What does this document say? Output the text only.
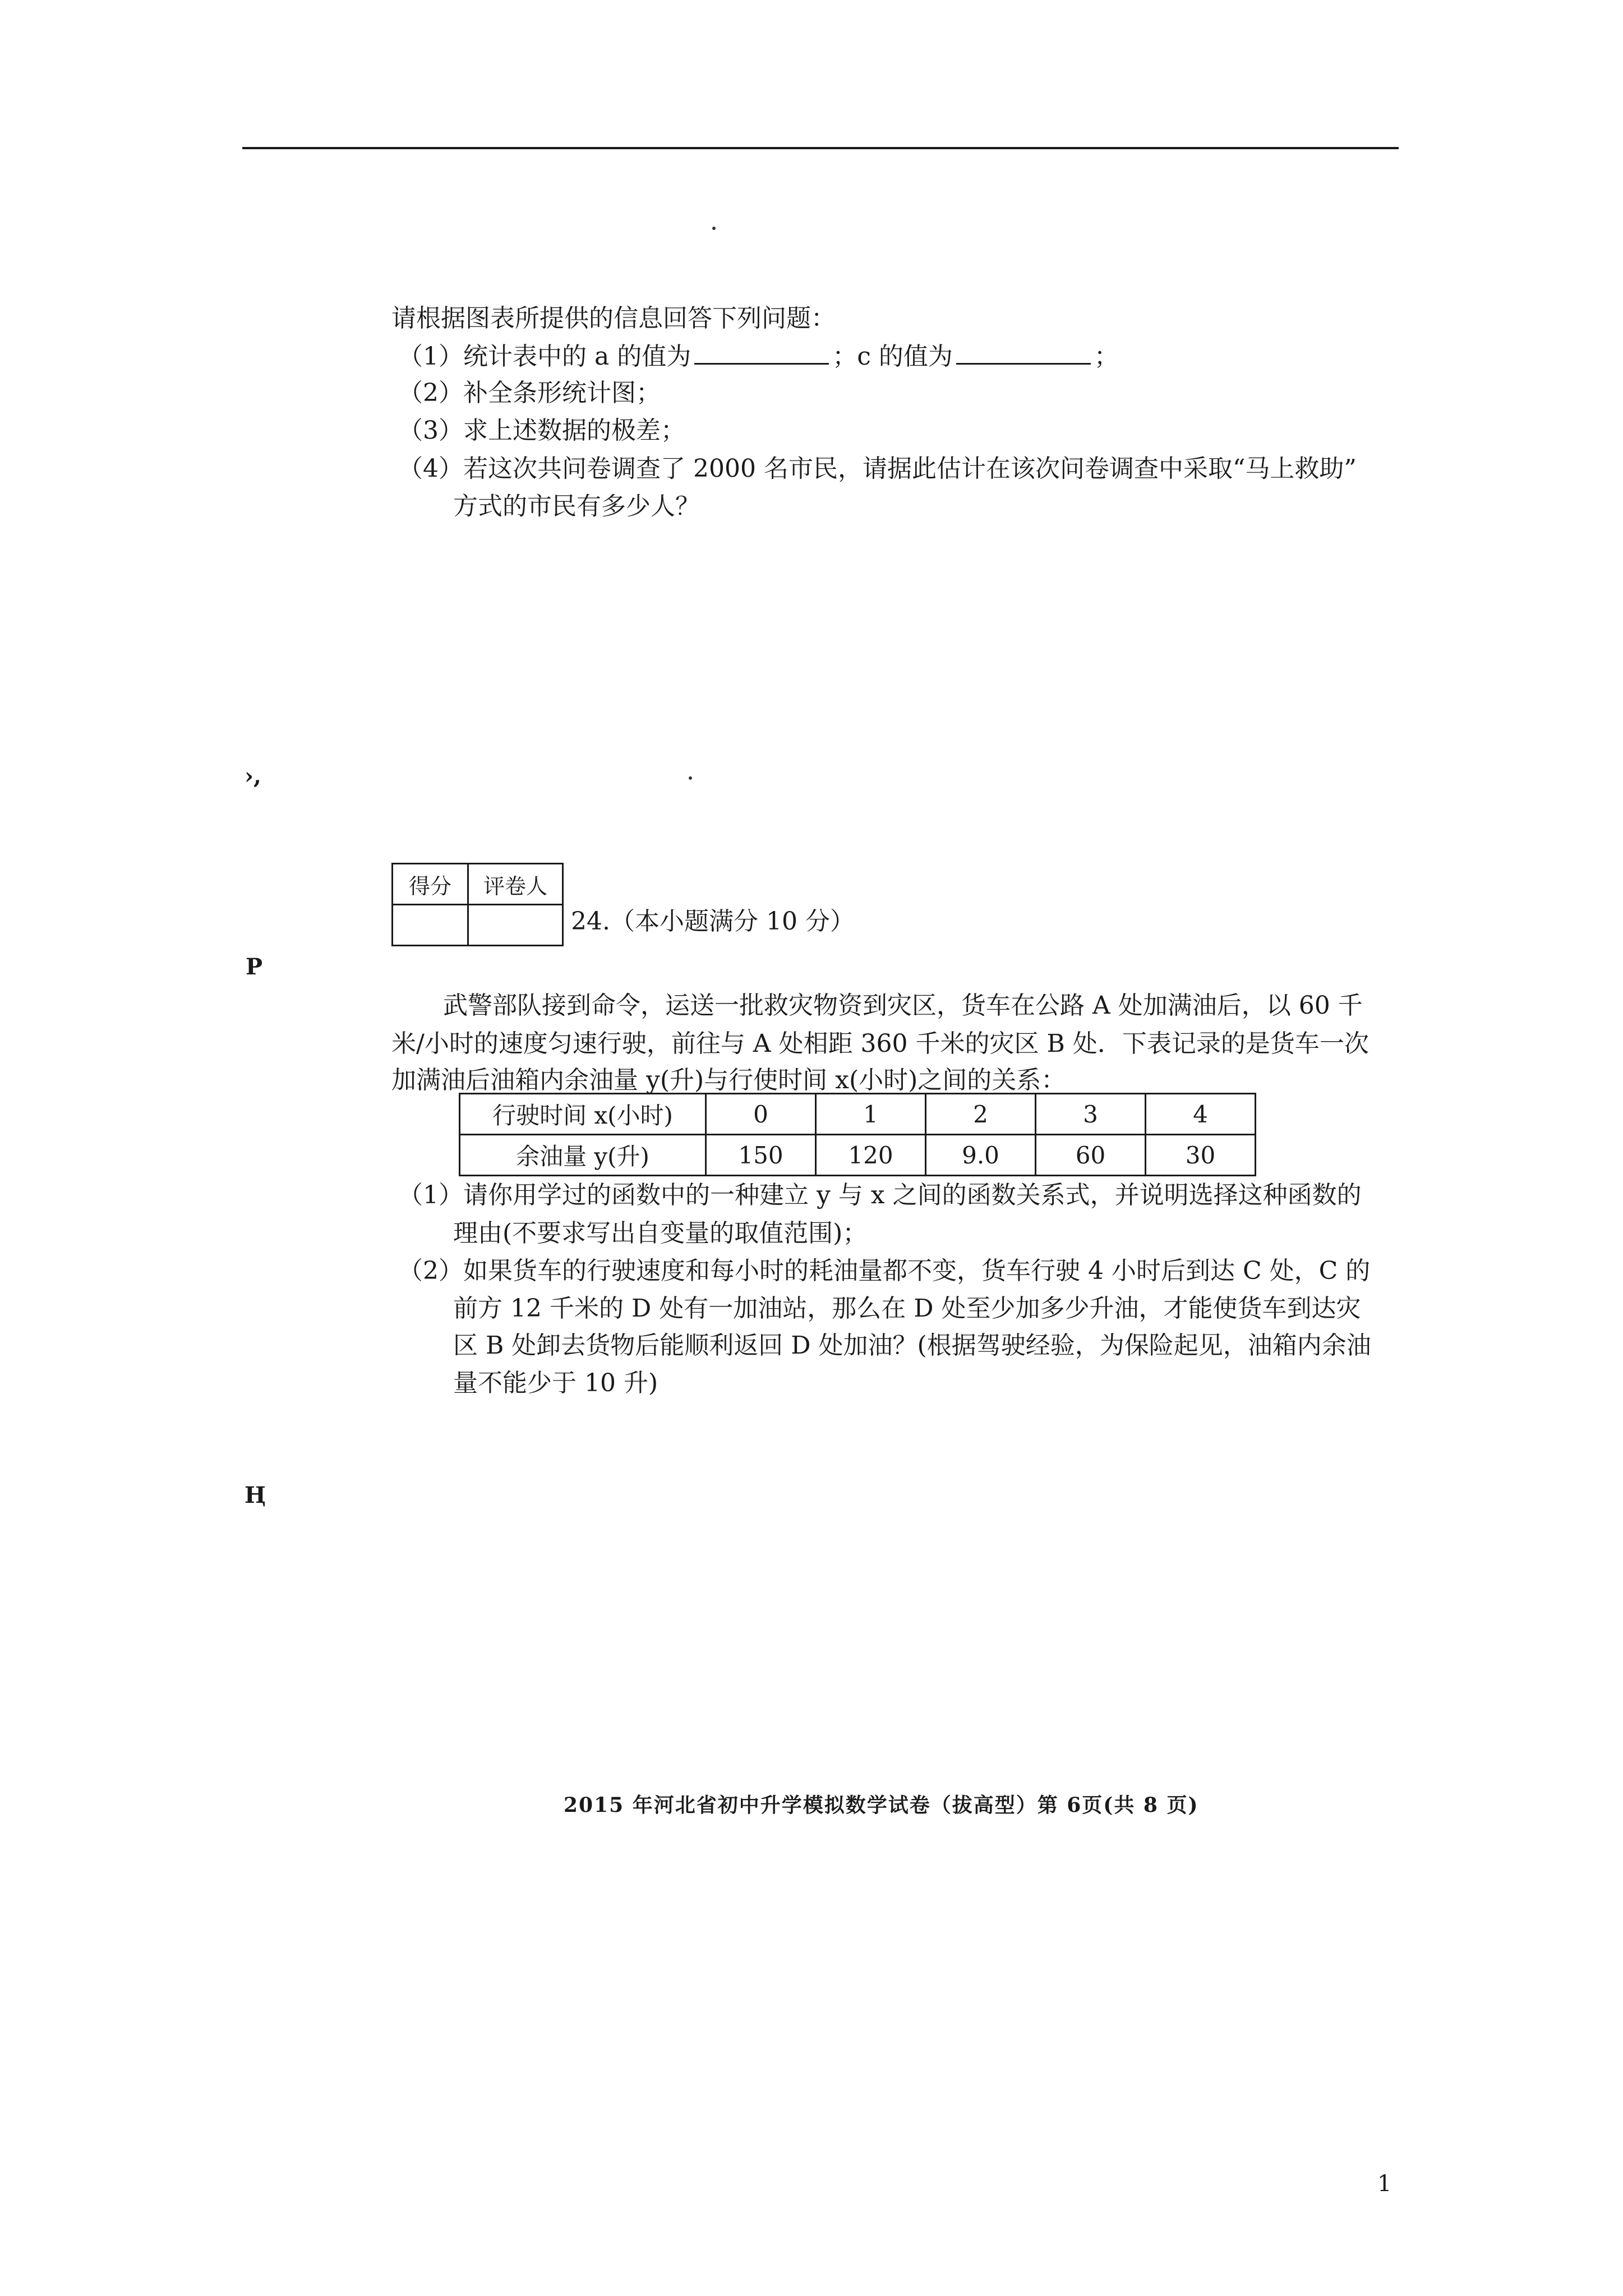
请根据图表所提供的信息回答下列问题：
（1）统计表中的 a 的值为	；c 的值为	；
（2）补全条形统计图；
（3）求上述数据的极差；
（4）若这次共问卷调查了 2000 名市民，请据此估计在该次问卷调查中采取“马上救助”
方式的市民有多少人？
›,
P
Ⱨ
得分	评卷人

24.（本小题满分 10 分）
武警部队接到命令，运送一批救灾物资到灾区，货车在公路 A 处加满油后，以 60 千
米/小时的速度匀速行驶，前往与 A 处相距 360 千米的灾区 B 处．下表记录的是货车一次
加满油后油箱内余油量 y(升)与行使时间 x(小时)之间的关系：
行驶时间 x(小时)	0	1	2	3	4
余油量 y(升)	150	120	9.0	60	30
（1）请你用学过的函数中的一种建立 y 与 x 之间的函数关系式，并说明选择这种函数的
理由(不要求写出自变量的取值范围)；
（2）如果货车的行驶速度和每小时的耗油量都不变，货车行驶 4 小时后到达 C 处，C 的
前方 12 千米的 D 处有一加油站，那么在 D 处至少加多少升油，才能使货车到达灾
区 B 处卸去货物后能顺利返回 D 处加油？(根据驾驶经验，为保险起见，油箱内余油
量不能少于 10 升)
2015 年河北省初中升学模拟数学试卷（拔高型）第 6页(共 8 页)
1
